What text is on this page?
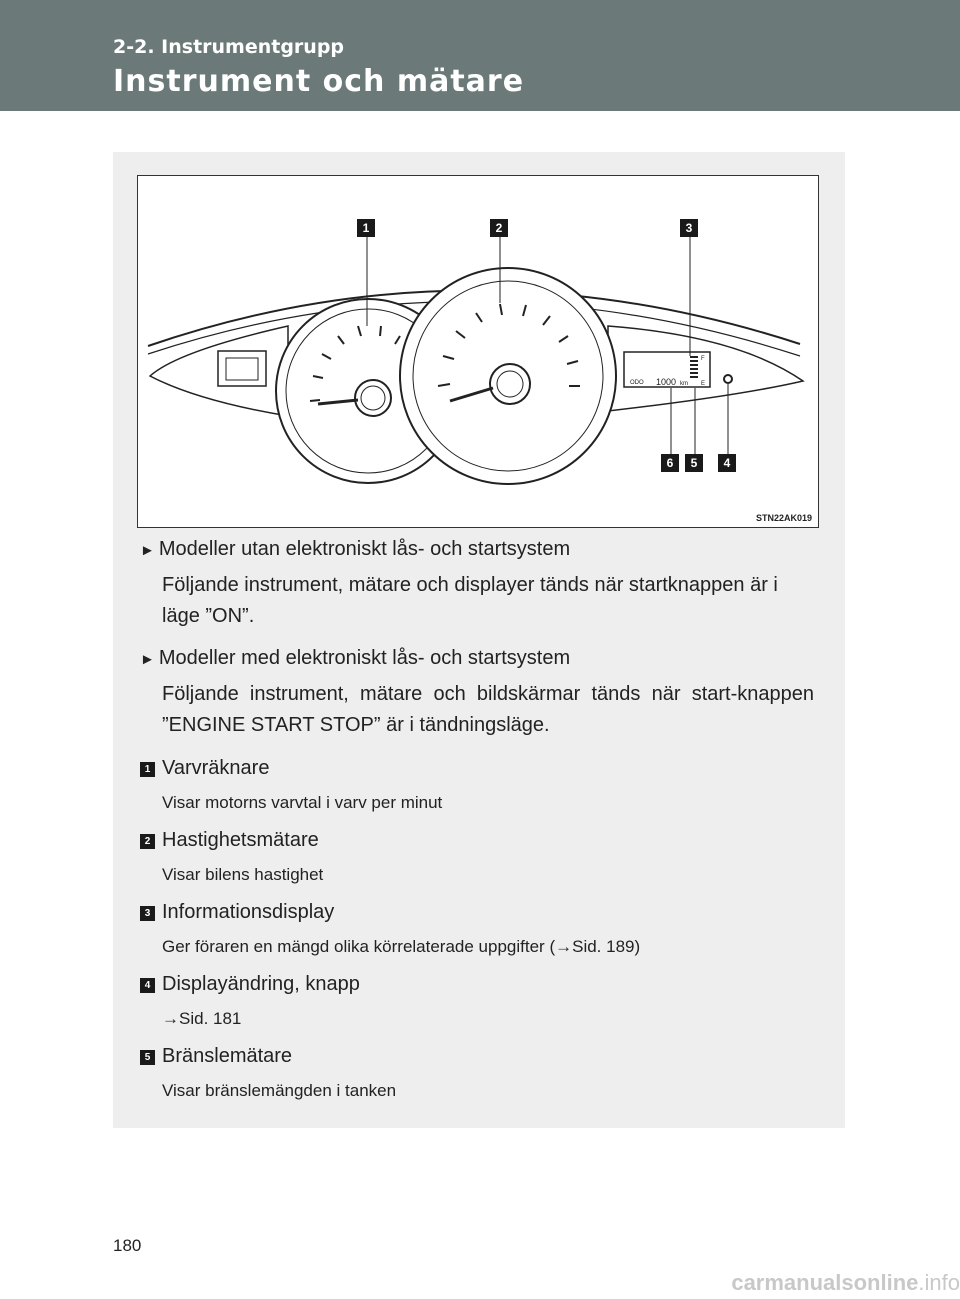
2-2. Instrumentgrupp
Instrument och mätare
ODO 1000 km
F
E
1	2	3
6	5	4
STN22AK019
► Modeller utan elektroniskt lås- och startsystem
Följande instrument, mätare och displayer tänds när startknappen är i läge ”ON”.
► Modeller med elektroniskt lås- och startsystem
Följande instrument, mätare och bildskärmar tänds när start-knappen ”ENGINE START STOP” är i tändningsläge.
1 Varvräknare
Visar motorns varvtal i varv per minut
2 Hastighetsmätare
Visar bilens hastighet
3 Informationsdisplay
Ger föraren en mängd olika körrelaterade uppgifter (→Sid. 189)
4 Displayändring, knapp
→Sid. 181
5 Bränslemätare
Visar bränslemängden i tanken
180
carmanualsonline.info
